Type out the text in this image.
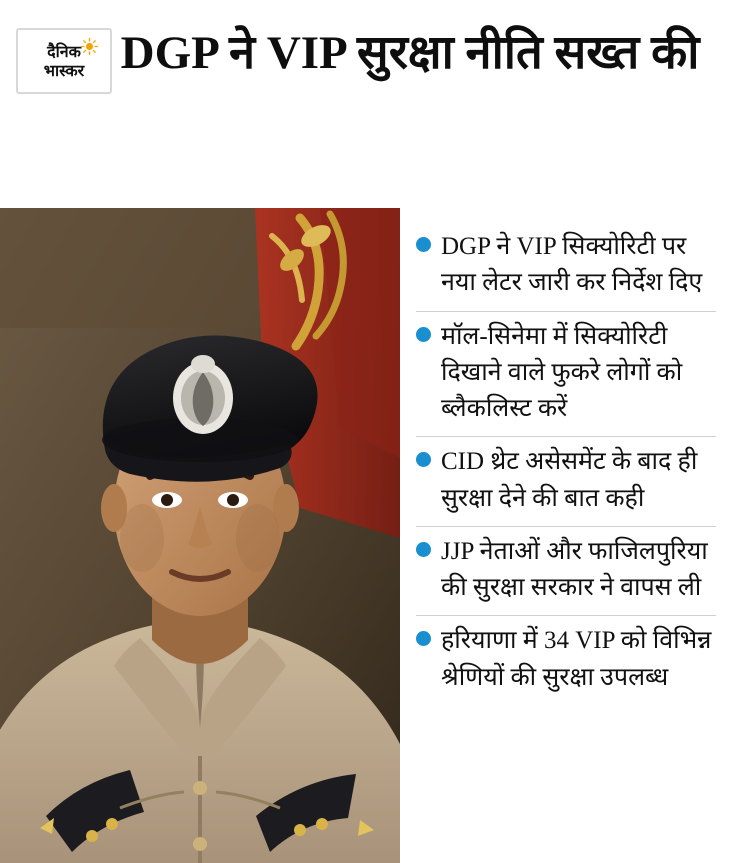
दैनिक
भास्कर DGP ने VIP सुरक्षा नीति सख्त की
DGP ने VIP सिक्योरिटी पर नया लेटर जारी कर निर्देश दिए
मॉल-सिनेमा में सिक्योरिटी दिखाने वाले फुकरे लोगों को ब्लैकलिस्ट करें
CID थ्रेट असेसमेंट के बाद ही सुरक्षा देने की बात कही
JJP नेताओं और फाजिलपुरिया की सुरक्षा सरकार ने वापस ली
हरियाणा में 34 VIP को विभिन्न श्रेणियों की सुरक्षा उपलब्ध
